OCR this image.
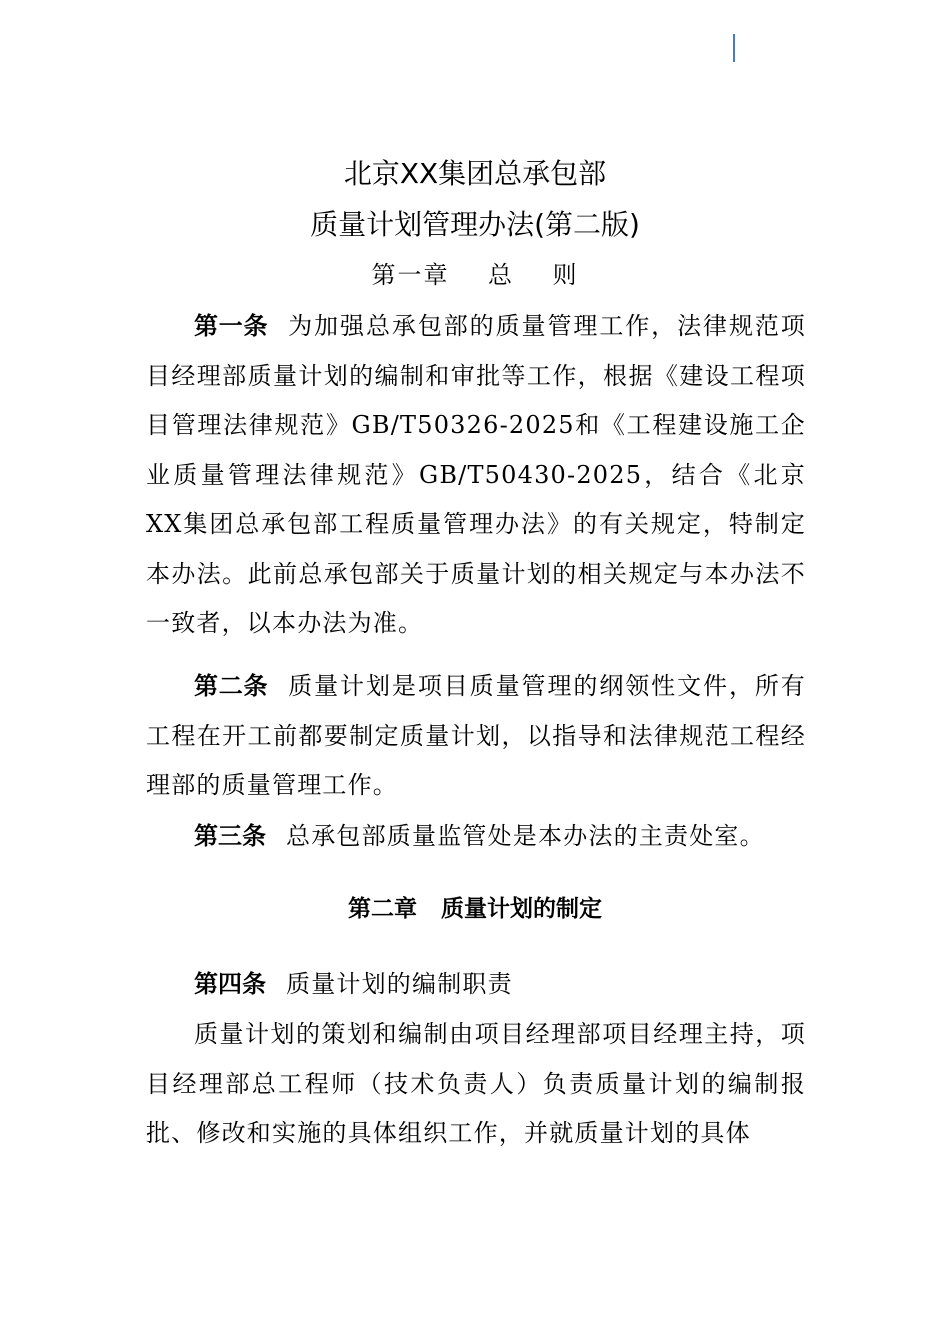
北京XX集团总承包部
质量计划管理办法(第二版)
第一章    总    则
第一条 为加强总承包部的质量管理工作，法律规范项目经理部质量计划的编制和审批等工作，根据《建设工程项目管理法律规范》GB/T50326-2025和《工程建设施工企业质量管理法律规范》GB/T50430-2025，结合《北京XX集团总承包部工程质量管理办法》的有关规定，特制定本办法。此前总承包部关于质量计划的相关规定与本办法不一致者，以本办法为准。
第二条 质量计划是项目质量管理的纲领性文件，所有工程在开工前都要制定质量计划，以指导和法律规范工程经理部的质量管理工作。
第三条 总承包部质量监管处是本办法的主责处室。
第二章   质量计划的制定
第四条 质量计划的编制职责
质量计划的策划和编制由项目经理部项目经理主持，项目经理部总工程师（技术负责人）负责质量计划的编制报批、修改和实施的具体组织工作，并就质量计划的具体
